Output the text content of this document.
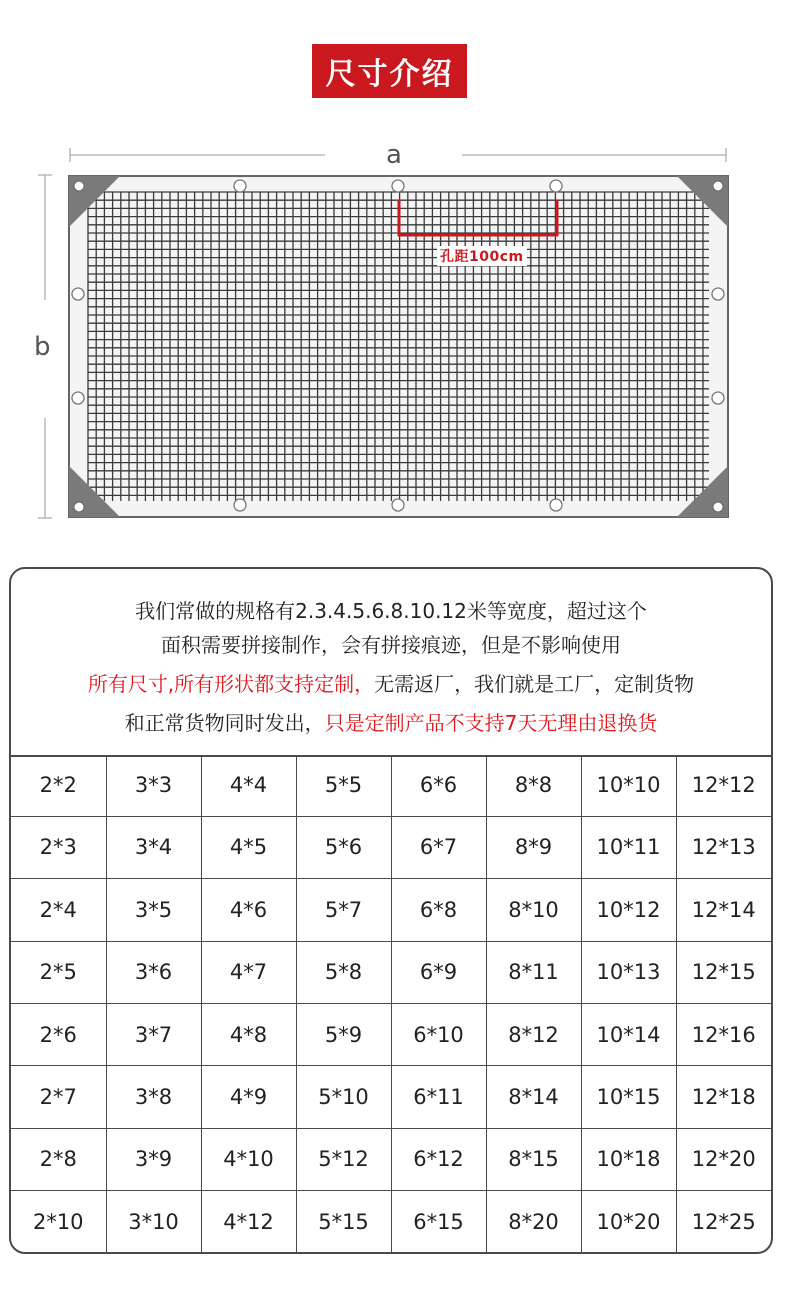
尺寸介绍
a
b
孔距100cm
我们常做的规格有2.3.4.5.6.8.10.12米等宽度，超过这个
面积需要拼接制作，会有拼接痕迹，但是不影响使用
所有尺寸,所有形状都支持定制，无需返厂，我们就是工厂，定制货物
和正常货物同时发出，只是定制产品不支持7天无理由退换货
2*2	3*3	4*4	5*5	6*6	8*8	10*10	12*12
2*3	3*4	4*5	5*6	6*7	8*9	10*11	12*13
2*4	3*5	4*6	5*7	6*8	8*10	10*12	12*14
2*5	3*6	4*7	5*8	6*9	8*11	10*13	12*15
2*6	3*7	4*8	5*9	6*10	8*12	10*14	12*16
2*7	3*8	4*9	5*10	6*11	8*14	10*15	12*18
2*8	3*9	4*10	5*12	6*12	8*15	10*18	12*20
2*10	3*10	4*12	5*15	6*15	8*20	10*20	12*25
